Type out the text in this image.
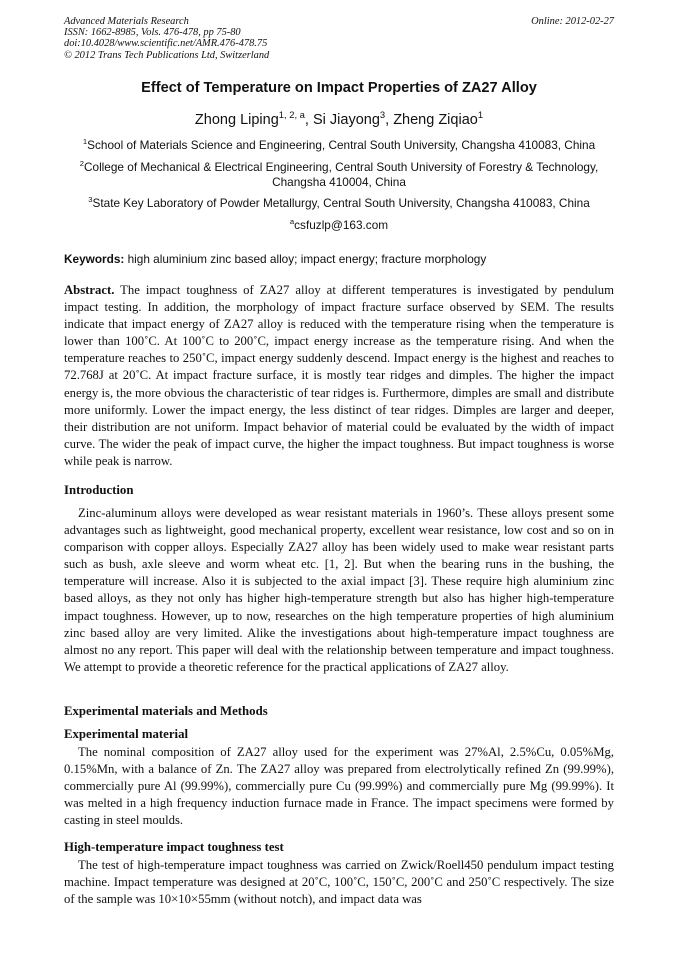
Advanced Materials Research
ISSN: 1662-8985, Vols. 476-478, pp 75-80
doi:10.4028/www.scientific.net/AMR.476-478.75
© 2012 Trans Tech Publications Ltd, Switzerland
Online: 2012-02-27
Effect of Temperature on Impact Properties of ZA27 Alloy
Zhong Liping$^{1, 2, a}$, Si Jiayong$^3$, Zheng Ziqiao$^1$
$^1$School of Materials Science and Engineering, Central South University, Changsha 410083, China
$^2$College of Mechanical & Electrical Engineering, Central South University of Forestry & Technology,
Changsha 410004, China
$^3$State Key Laboratory of Powder Metallurgy, Central South University, Changsha 410083, China
$^a$csfuzlp@163.com
Keywords: high aluminium zinc based alloy; impact energy; fracture morphology

Abstract. The impact toughness of ZA27 alloy at different temperatures is investigated by pendulum impact testing. In addition, the morphology of impact fracture surface observed by SEM. The results indicate that impact energy of ZA27 alloy is reduced with the temperature rising when the temperature is lower than 100˚C. At 100˚C to 200˚C, impact energy increase as the temperature rising. And when the temperature reaches to 250˚C, impact energy suddenly descend. Impact energy is the highest and reaches to 72.768J at 20˚C. At impact fracture surface, it is mostly tear ridges and dimples. The higher the impact energy is, the more obvious the characteristic of tear ridges is. Furthermore, dimples are small and distribute more uniformly. Lower the impact energy, the less distinct of tear ridges. Dimples are larger and deeper, their distribution are not uniform. Impact behavior of material could be evaluated by the width of impact curve. The wider the peak of impact curve, the higher the impact toughness. But impact toughness is worse while peak is narrow.

Introduction

Zinc-aluminum alloys were developed as wear resistant materials in 1960’s. These alloys present some advantages such as lightweight, good mechanical property, excellent wear resistance, low cost and so on in comparison with copper alloys. Especially ZA27 alloy has been widely used to make wear resistant parts such as bush, axle sleeve and worm wheat etc. [1, 2]. But when the bearing runs in the bushing, the temperature will increase. Also it is subjected to the axial impact [3]. These require high aluminium zinc based alloys, as they not only has higher high-temperature strength but also has higher high-temperature impact toughness. However, up to now, researches on the high temperature properties of high aluminium zinc based alloy are very limited. Alike the investigations about high-temperature impact toughness are almost no any report. This paper will deal with the relationship between temperature and impact toughness. We attempt to provide a theoretic reference for the practical applications of ZA27 alloy.

Experimental materials and Methods
Experimental material

The nominal composition of ZA27 alloy used for the experiment was 27%Al, 2.5%Cu, 0.05%Mg, 0.15%Mn, with a balance of Zn. The ZA27 alloy was prepared from electrolytically refined Zn (99.99%), commercially pure Al (99.99%), commercially pure Cu (99.99%) and commercially pure Mg (99.99%). It was melted in a high frequency induction furnace made in France. The impact specimens were formed by casting in steel moulds.

High-temperature impact toughness test

The test of high-temperature impact toughness was carried on Zwick/Roell450 pendulum impact testing machine. Impact temperature was designed at 20˚C, 100˚C, 150˚C, 200˚C and 250˚C respectively. The size of the sample was 10×10×55mm (without notch), and impact data was
